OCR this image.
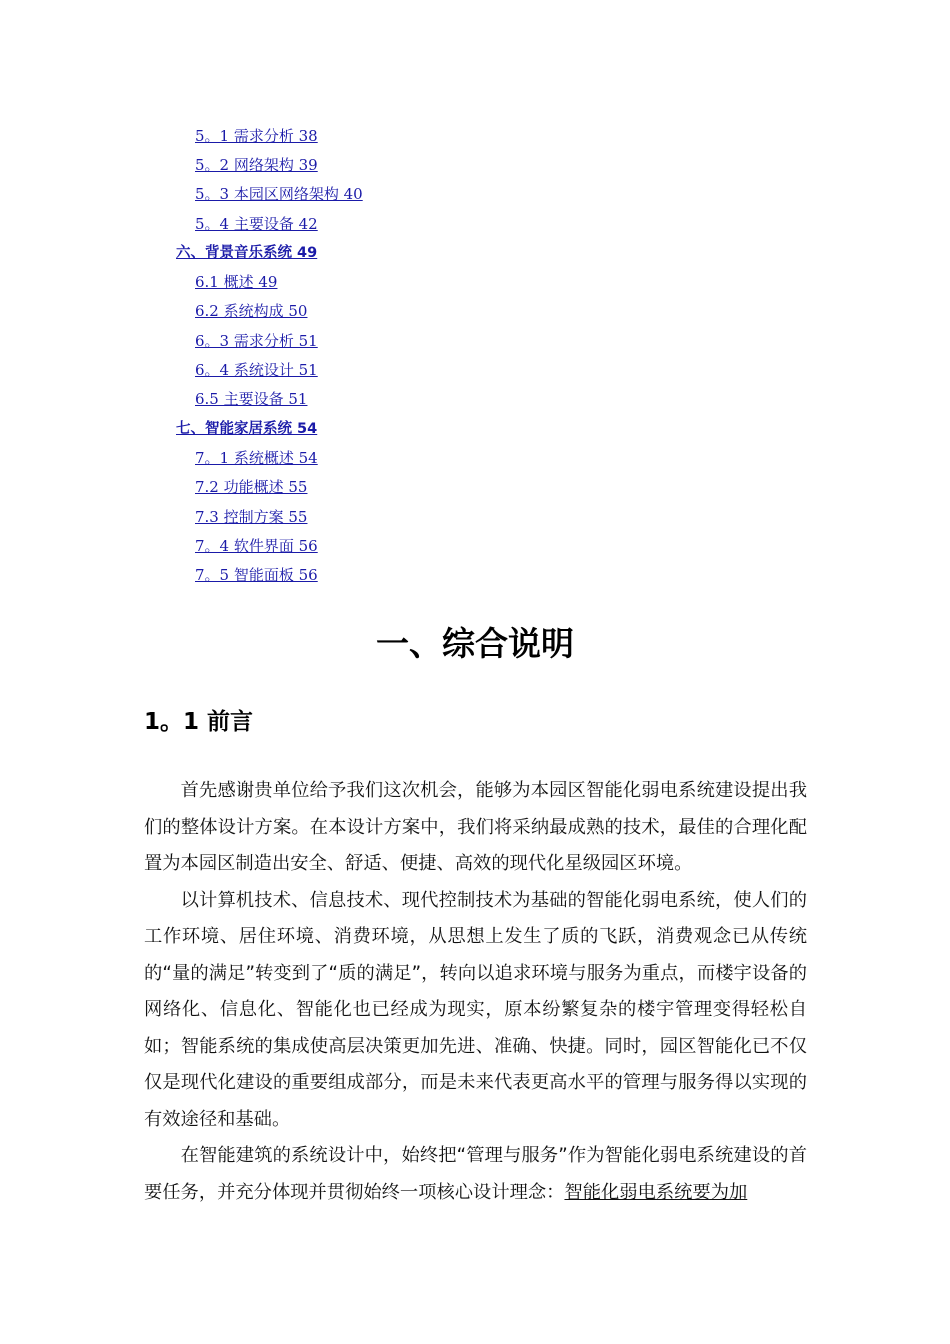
5。1 需求分析 38
5。2 网络架构 39
5。3 本园区网络架构 40
5。4 主要设备 42
六、背景音乐系统 49
6.1 概述 49
6.2 系统构成 50
6。3 需求分析 51
6。4 系统设计 51
6.5 主要设备 51
七、智能家居系统 54
7。1 系统概述 54
7.2 功能概述 55
7.3 控制方案 55
7。4 软件界面 56
7。5 智能面板 56
一、综合说明
1。1 前言

首先感谢贵单位给予我们这次机会，能够为本园区智能化弱电系统建设提出我们的整体设计方案。在本设计方案中，我们将采纳最成熟的技术，最佳的合理化配置为本园区制造出安全、舒适、便捷、高效的现代化星级园区环境。

以计算机技术、信息技术、现代控制技术为基础的智能化弱电系统，使人们的工作环境、居住环境、消费环境，从思想上发生了质的飞跃，消费观念已从传统的“量的满足”转变到了“质的满足”，转向以追求环境与服务为重点，而楼宇设备的网络化、信息化、智能化也已经成为现实，原本纷繁复杂的楼宇管理变得轻松自如；智能系统的集成使高层决策更加先进、准确、快捷。同时，园区智能化已不仅仅是现代化建设的重要组成部分，而是未来代表更高水平的管理与服务得以实现的有效途径和基础。

在智能建筑的系统设计中，始终把“管理与服务”作为智能化弱电系统建设的首要任务，并充分体现并贯彻始终一项核心设计理念：智能化弱电系统要为加
